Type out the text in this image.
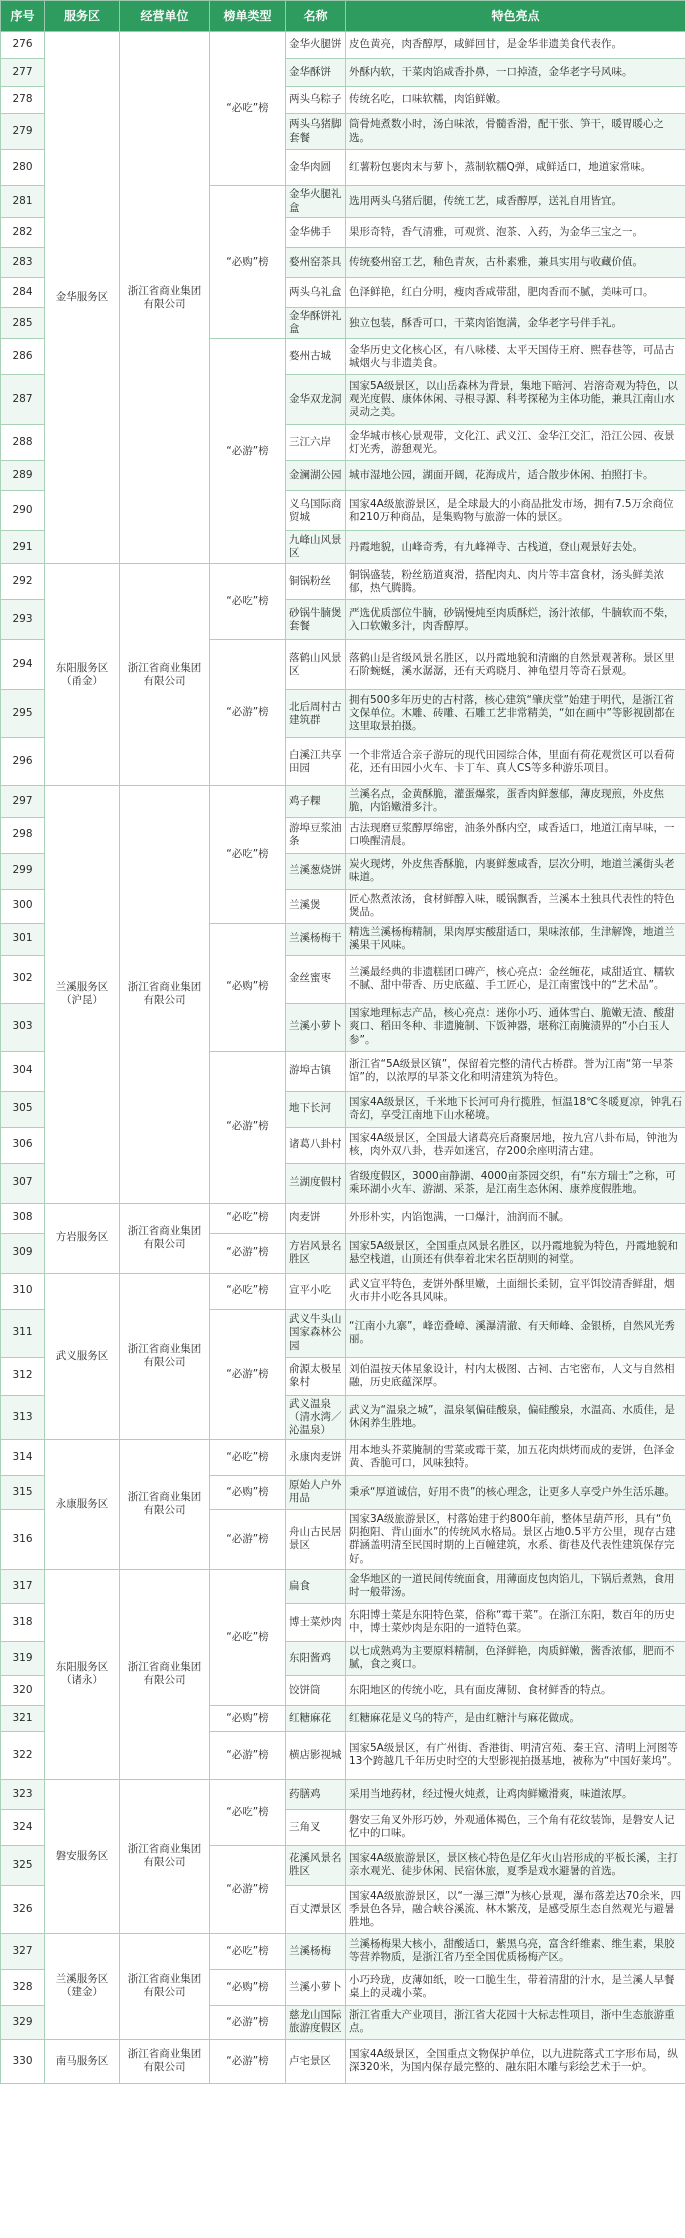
序号	服务区	经营单位	榜单类型	名称	特色亮点
276	金华服务区	浙江省商业集团有限公司	“必吃”榜	金华火腿饼	皮色黄亮，肉香醇厚，咸鲜回甘，是金华非遗美食代表作。
277				金华酥饼	外酥内软，干菜肉馅咸香扑鼻，一口掉渣，金华老字号风味。
278				两头乌粽子	传统名吃，口味软糯，肉馅鲜嫩。
279				两头乌猪脚套餐	筒骨炖煮数小时，汤白味浓，骨髓香滑，配干张、笋干，暖胃暖心之选。
280				金华肉圆	红薯粉包裹肉末与萝卜，蒸制软糯Q弹，咸鲜适口，地道家常味。
281			“必购”榜	金华火腿礼盒	选用两头乌猪后腿，传统工艺，咸香醇厚，送礼自用皆宜。
282				金华佛手	果形奇特，香气清雅，可观赏、泡茶、入药，为金华三宝之一。
283				婺州窑茶具	传统婺州窑工艺，釉色青灰，古朴素雅，兼具实用与收藏价值。
284				两头乌礼盒	色泽鲜艳，红白分明，瘦肉香咸带甜，肥肉香而不腻，美味可口。
285				金华酥饼礼盒	独立包装，酥香可口，干菜肉馅饱满，金华老字号伴手礼。
286			“必游”榜	婺州古城	金华历史文化核心区，有八咏楼、太平天国侍王府、熙春巷等，可品古城烟火与非遗美食。
287				金华双龙洞	国家5A级景区，以山岳森林为背景，集地下暗河、岩溶奇观为特色，以观光度假、康体休闲、寻根寻源、科考探秘为主体功能，兼具江南山水灵动之美。
288				三江六岸	金华城市核心景观带，文化江、武义江、金华江交汇，沿江公园、夜景灯光秀，游憩观光。
289				金澜湖公园	城市湿地公园，湖面开阔，花海成片，适合散步休闲、拍照打卡。
290				义乌国际商贸城	国家4A级旅游景区，是全球最大的小商品批发市场，拥有7.5万余商位和210万种商品，是集购物与旅游一体的景区。
291				九峰山风景区	丹霞地貌，山峰奇秀，有九峰禅寺、古栈道，登山观景好去处。
292	东阳服务区（甬金）	浙江省商业集团有限公司	“必吃”榜	铜锅粉丝	铜锅盛装，粉丝筋道爽滑，搭配肉丸、肉片等丰富食材，汤头鲜美浓郁，热气腾腾。
293				砂锅牛腩煲套餐	严选优质部位牛腩，砂锅慢炖至肉质酥烂，汤汁浓郁，牛腩软而不柴，入口软嫩多汁，肉香醇厚。
294			“必游”榜	落鹤山风景区	落鹤山是省级风景名胜区，以丹霞地貌和清幽的自然景观著称。景区里石阶蜿蜒，溪水潺潺，还有天鸡晓月、神龟望月等奇石景观。
295				北后周村古建筑群	拥有500多年历史的古村落，核心建筑“肇庆堂”始建于明代，是浙江省文保单位。木雕、砖雕、石雕工艺非常精美，“如在画中”等影视剧都在这里取景拍摄。
296				白溪江共享田园	一个非常适合亲子游玩的现代田园综合体，里面有荷花观赏区可以看荷花，还有田园小火车、卡丁车、真人CS等多种游乐项目。
297	兰溪服务区（沪昆）	浙江省商业集团有限公司	“必吃”榜	鸡子粿	兰溪名点，金黄酥脆，灌蛋爆浆，蛋香肉鲜葱郁，薄皮现煎，外皮焦脆，内馅嫩滑多汁。
298				游埠豆浆油条	古法现磨豆浆醇厚绵密，油条外酥内空，咸香适口，地道江南早味，一口唤醒清晨。
299				兰溪葱烧饼	炭火现烤，外皮焦香酥脆，内裹鲜葱咸香，层次分明，地道兰溪街头老味道。
300				兰溪煲	匠心熬煮浓汤，食材鲜醇入味，暖锅飘香，兰溪本土独具代表性的特色煲品。
301			“必购”榜	兰溪杨梅干	精选兰溪杨梅精制，果肉厚实酸甜适口，果味浓郁，生津解馋，地道兰溪果干风味。
302				金丝蜜枣	兰溪最经典的非遗糕团口碑产，核心亮点：金丝缠花，咸甜适宜、糯软不腻、甜中带香、历史底蕴、手工匠心，是江南蜜饯中的“艺术品”。
303				兰溪小萝卜	国家地理标志产品，核心亮点：迷你小巧、通体雪白、脆嫩无渣、酸甜爽口、稻田冬种、非遗腌制、下饭神器，堪称江南腌渍界的“小白玉人参”。
304			“必游”榜	游埠古镇	浙江省“5A级景区镇”，保留着完整的清代古桥群。誉为江南“第一早茶馆”的，以浓厚的早茶文化和明清建筑为特色。
305				地下长河	国家4A级景区，千米地下长河可舟行揽胜，恒温18℃冬暖夏凉，钟乳石奇幻，享受江南地下山水秘境。
306				诸葛八卦村	国家4A级景区，全国最大诸葛亮后裔聚居地，按九宫八卦布局，钟池为核，肉外双八卦，巷弄如迷宫，存200余座明清古建。
307				兰湖度假村	省级度假区，3000亩静湖、4000亩茶园交织，有“东方瑞士”之称，可乘环湖小火车、游湖、采茶，是江南生态休闲、康养度假胜地。
308	方岩服务区	浙江省商业集团有限公司	“必吃”榜	肉麦饼	外形朴实，内馅饱满，一口爆汁，油润而不腻。
309			“必游”榜	方岩风景名胜区	国家5A级景区，全国重点风景名胜区，以丹霞地貌为特色，丹霞地貌和悬空栈道，山顶还有供奉着北宋名臣胡则的祠堂。
310	武义服务区	浙江省商业集团有限公司	“必吃”榜	宣平小吃	武义宣平特色，麦饼外酥里嫩，土面细长柔韧，宣平饵饺清香鲜甜，烟火市井小吃各具风味。
311			“必游”榜	武义牛头山国家森林公园	“江南小九寨”，峰峦叠嶂、溪瀑清澈、有天师峰、金银桥，自然风光秀丽。
312				俞源太极星象村	刘伯温按天体星象设计，村内太极图、古祠、古宅密布，人文与自然相融，历史底蕴深厚。
313				武义温泉（清水湾／沁温泉）	武义为“温泉之城”，温泉氡偏硅酸泉，偏硅酸泉，水温高、水质佳，是休闲养生胜地。
314	永康服务区	浙江省商业集团有限公司	“必吃”榜	永康肉麦饼	用本地头芥菜腌制的雪菜或霉干菜，加五花肉烘烤而成的麦饼，色泽金黄、香脆可口，风味独特。
315			“必购”榜	原始人户外用品	秉承“厚道诚信，好用不贵”的核心理念，让更多人享受户外生活乐趣。
316			“必游”榜	舟山古民居景区	国家3A级旅游景区，村落始建于约800年前，整体呈葫芦形，具有“负阴抱阳、背山面水”的传统风水格局。景区占地0.5平方公里，现存古建群涵盖明清至民国时期的上百幢建筑，水系、街巷及代表性建筑保存完好。
317	东阳服务区（诸永）	浙江省商业集团有限公司	“必吃”榜	扁食	金华地区的一道民间传统面食，用薄面皮包肉馅儿，下锅后煮熟，食用时一般带汤。
318				博士菜炒肉	东阳博士菜是东阳特色菜，俗称“霉干菜”。在浙江东阳，数百年的历史中，博士菜炒肉是东阳的一道特色菜。
319				东阳酱鸡	以七成熟鸡为主要原料精制，色泽鲜艳，肉质鲜嫩，酱香浓郁，肥而不腻，食之爽口。
320				饺饼筒	东阳地区的传统小吃，具有面皮薄韧、食材鲜香的特点。
321			“必购”榜	红糖麻花	红糖麻花是义乌的特产，是由红糖汁与麻花做成。
322			“必游”榜	横店影视城	国家5A级景区，有广州街、香港街、明清宫苑、秦王宫、清明上河图等13个跨越几千年历史时空的大型影视拍摄基地，被称为“中国好莱坞”。
323	磐安服务区	浙江省商业集团有限公司	“必吃”榜	药膳鸡	采用当地药材，经过慢火炖煮，让鸡肉鲜嫩滑爽，味道浓厚。
324				三角叉	磐安三角叉外形巧妙，外观通体褐色，三个角有花纹装饰，是磐安人记忆中的口味。
325			“必游”榜	花溪风景名胜区	国家4A级旅游景区，景区核心特色是亿年火山岩形成的平板长溪，主打亲水观光、徒步休闲、民宿休旅，夏季是戏水避暑的首选。
326				百丈潭景区	国家4A级旅游景区，以“一瀑三潭”为核心景观，瀑布落差达70余米，四季景色各异，融合峡谷溪流、林木繁茂，是感受原生态自然观光与避暑胜地。
327	兰溪服务区（建金）	浙江省商业集团有限公司	“必吃”榜	兰溪杨梅	兰溪杨梅果大核小，甜酸适口，紫黑乌亮，富含纤维素、维生素，果胶等营养物质，是浙江省乃至全国优质杨梅产区。
328			“必购”榜	兰溪小萝卜	小巧玲珑，皮薄如纸，咬一口脆生生，带着清甜的汁水，是兰溪人早餐桌上的灵魂小菜。
329			“必游”榜	慈龙山国际旅游度假区	浙江省重大产业项目，浙江省大花园十大标志性项目，浙中生态旅游重点。
330	南马服务区	浙江省商业集团有限公司	“必游”榜	卢宅景区	国家4A级景区，全国重点文物保护单位，以九进院落式工字形布局，纵深320米，为国内保存最完整的、融东阳木雕与彩绘艺术于一炉。
